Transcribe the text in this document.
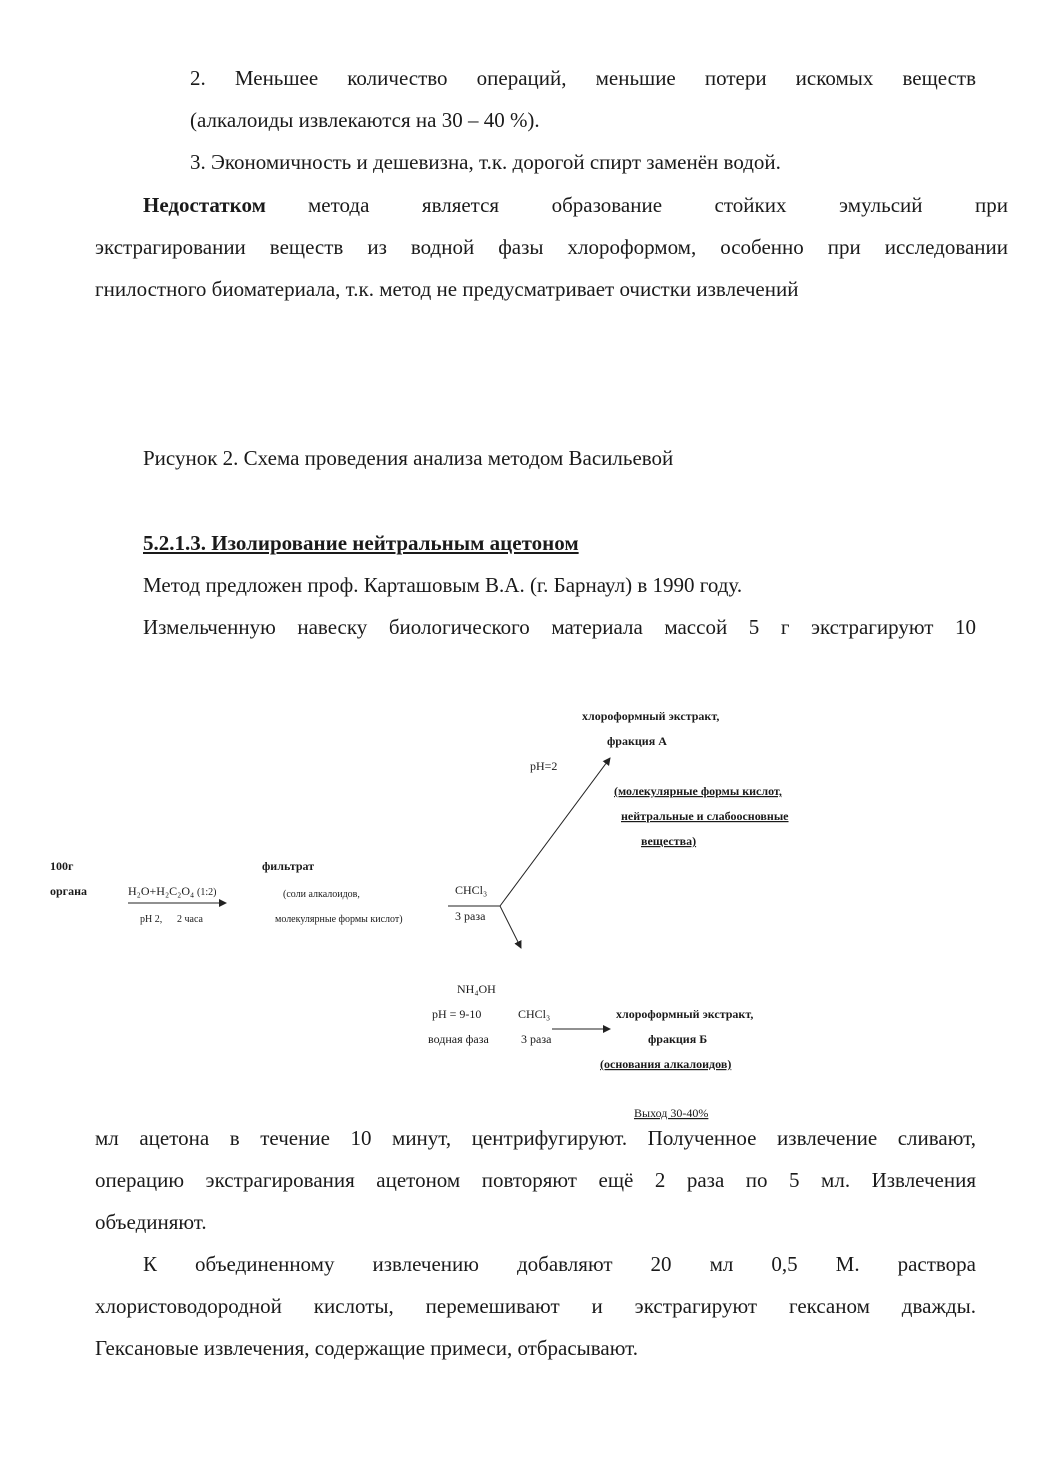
2. Меньшее количество операций, меньшие потери искомых веществ
(алкалоиды извлекаются на 30 – 40 %).
3. Экономичность и дешевизна, т.к. дорогой спирт заменён водой.
Недостатком метода является образование стойких эмульсий при
экстрагировании веществ из водной фазы хлороформом, особенно при исследовании
гнилостного биоматериала, т.к. метод не предусматривает очистки извлечений
Рисунок 2. Схема проведения анализа методом Васильевой
5.2.1.3. Изолирование нейтральным ацетоном
Метод предложен проф. Карташовым В.А. (г. Барнаул) в 1990 году.
Измельченную навеску биологического материала массой 5 г экстрагируют 10
100г
органа	H₂O+H₂C₂O₄ (1:2)
pH 2, 2 часа
фильтрат
(соли алкалоидов,
молекулярные формы кислот)
CHCl₃
3 раза
pH=2
хлороформный экстракт,
фракция А
(молекулярные формы кислот,
нейтральные и слабоосновные
вещества)
NH₄OH
pH = 9-10
водная фаза
CHCl₃
3 раза
хлороформный экстракт,
фракция Б
(основания алкалоидов)
Выход 30-40%
мл ацетона в течение 10 минут, центрифугируют. Полученное извлечение сливают,
операцию экстрагирования ацетоном повторяют ещё 2 раза по 5 мл. Извлечения
объединяют.
К объединенному извлечению добавляют 20 мл 0,5 М. раствора
хлористоводородной кислоты, перемешивают и экстрагируют гексаном дважды.
Гексановые извлечения, содержащие примеси, отбрасывают.
